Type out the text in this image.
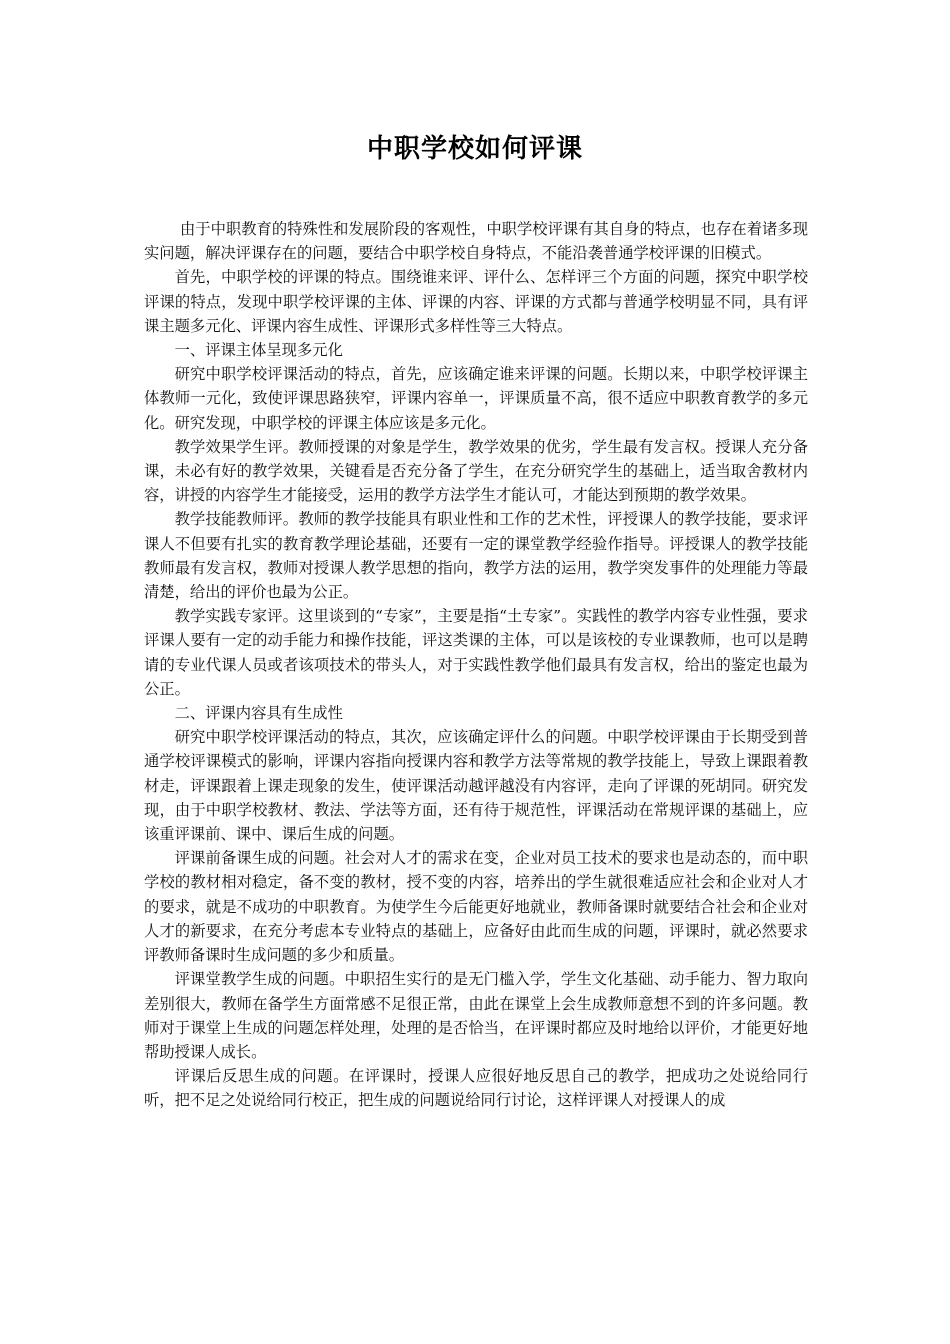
中职学校如何评课

由于中职教育的特殊性和发展阶段的客观性，中职学校评课有其自身的特点，也存在着诸多现实问题，解决评课存在的问题，要结合中职学校自身特点，不能沿袭普通学校评课的旧模式。

首先，中职学校的评课的特点。围绕谁来评、评什么、怎样评三个方面的问题，探究中职学校评课的特点，发现中职学校评课的主体、评课的内容、评课的方式都与普通学校明显不同，具有评课主题多元化、评课内容生成性、评课形式多样性等三大特点。

一、评课主体呈现多元化

研究中职学校评课活动的特点，首先，应该确定谁来评课的问题。长期以来，中职学校评课主体教师一元化，致使评课思路狭窄，评课内容单一，评课质量不高，很不适应中职教育教学的多元化。研究发现，中职学校的评课主体应该是多元化。

教学效果学生评。教师授课的对象是学生，教学效果的优劣，学生最有发言权。授课人充分备课，未必有好的教学效果，关键看是否充分备了学生，在充分研究学生的基础上，适当取舍教材内容，讲授的内容学生才能接受，运用的教学方法学生才能认可，才能达到预期的教学效果。

教学技能教师评。教师的教学技能具有职业性和工作的艺术性，评授课人的教学技能，要求评课人不但要有扎实的教育教学理论基础，还要有一定的课堂教学经验作指导。评授课人的教学技能教师最有发言权，教师对授课人教学思想的指向，教学方法的运用，教学突发事件的处理能力等最清楚，给出的评价也最为公正。

教学实践专家评。这里谈到的“专家”，主要是指“土专家”。实践性的教学内容专业性强，要求评课人要有一定的动手能力和操作技能，评这类课的主体，可以是该校的专业课教师，也可以是聘请的专业代课人员或者该项技术的带头人，对于实践性教学他们最具有发言权，给出的鉴定也最为公正。

二、评课内容具有生成性

研究中职学校评课活动的特点，其次，应该确定评什么的问题。中职学校评课由于长期受到普通学校评课模式的影响，评课内容指向授课内容和教学方法等常规的教学技能上，导致上课跟着教材走，评课跟着上课走现象的发生，使评课活动越评越没有内容评，走向了评课的死胡同。研究发现，由于中职学校教材、教法、学法等方面，还有待于规范性，评课活动在常规评课的基础上，应该重评课前、课中、课后生成的问题。

评课前备课生成的问题。社会对人才的需求在变，企业对员工技术的要求也是动态的，而中职学校的教材相对稳定，备不变的教材，授不变的内容，培养出的学生就很难适应社会和企业对人才的要求，就是不成功的中职教育。为使学生今后能更好地就业，教师备课时就要结合社会和企业对人才的新要求，在充分考虑本专业特点的基础上，应备好由此而生成的问题，评课时，就必然要求评教师备课时生成问题的多少和质量。

评课堂教学生成的问题。中职招生实行的是无门槛入学，学生文化基础、动手能力、智力取向差别很大，教师在备学生方面常感不足很正常，由此在课堂上会生成教师意想不到的许多问题。教师对于课堂上生成的问题怎样处理，处理的是否恰当，在评课时都应及时地给以评价，才能更好地帮助授课人成长。

评课后反思生成的问题。在评课时，授课人应很好地反思自己的教学，把成功之处说给同行听，把不足之处说给同行校正，把生成的问题说给同行讨论，这样评课人对授课人的成
